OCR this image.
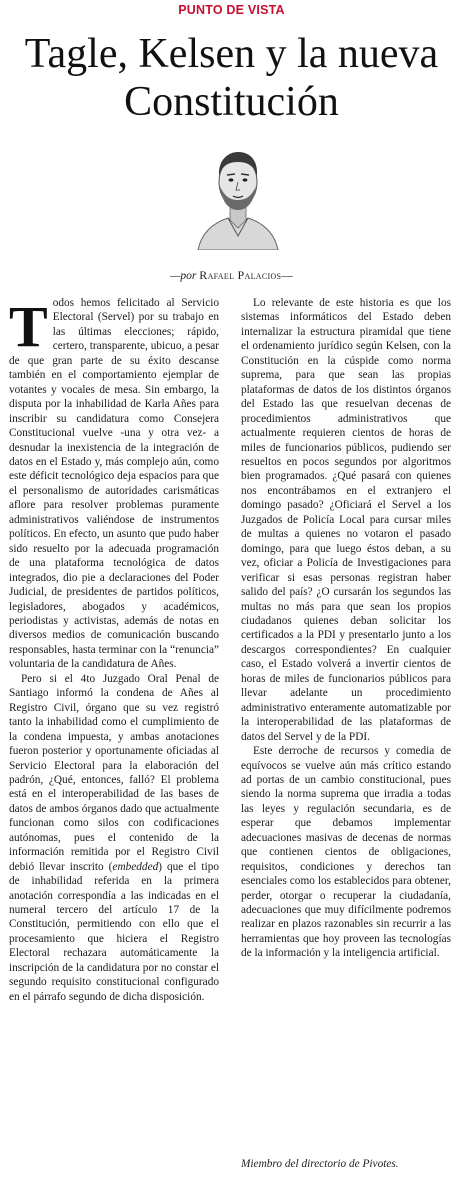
PUNTO DE VISTA
Tagle, Kelsen y la nueva Constitución
—por Rafael Palacios—

Todos hemos felicitado al Servicio Electoral (Servel) por su trabajo en las últimas elecciones; rápido, certero, transparente, ubicuo, a pesar de que gran parte de su éxito descanse también en el comportamiento ejemplar de votantes y vocales de mesa. Sin embargo, la disputa por la inhabilidad de Karla Añes para inscribir su candidatura como Consejera Constitucional vuelve -una y otra vez- a desnudar la inexistencia de la integración de datos en el Estado y, más complejo aún, como este déficit tecnológico deja espacios para que el personalismo de autoridades carismáticas aflore para resolver problemas puramente administrativos valiéndose de instrumentos políticos. En efecto, un asunto que pudo haber sido resuelto por la adecuada programación de una plataforma tecnológica de datos integrados, dio pie a declaraciones del Poder Judicial, de presidentes de partidos políticos, legisladores, abogados y académicos, periodistas y activistas, además de notas en diversos medios de comunicación buscando responsables, hasta terminar con la “renuncia” voluntaria de la candidatura de Añes.

Pero si el 4to Juzgado Oral Penal de Santiago informó la condena de Añes al Registro Civil, órgano que su vez registró tanto la inhabilidad como el cumplimiento de la condena impuesta, y ambas anotaciones fueron posterior y oportunamente oficiadas al Servicio Electoral para la elaboración del padrón, ¿Qué, entonces, falló? El problema está en el interoperabilidad de las bases de datos de ambos órganos dado que actualmente funcionan como silos con codificaciones autónomas, pues el contenido de la información remitida por el Registro Civil debió llevar inscrito (embedded) que el tipo de inhabilidad referida en la primera anotación correspondía a las indicadas en el numeral tercero del artículo 17 de la Constitución, permitiendo con ello que el procesamiento que hiciera el Registro Electoral rechazara automáticamente la inscripción de la candidatura por no constar el segundo requisito constitucional configurado en el párrafo segundo de dicha disposición.

Lo relevante de este historia es que los sistemas informáticos del Estado deben internalizar la estructura piramidal que tiene el ordenamiento jurídico según Kelsen, con la Constitución en la cúspide como norma suprema, para que sean las propias plataformas de datos de los distintos órganos del Estado las que resuelvan decenas de procedimientos administrativos que actualmente requieren cientos de horas de miles de funcionarios públicos, pudiendo ser resueltos en pocos segundos por algoritmos bien programados. ¿Qué pasará con quienes nos encontrábamos en el extranjero el domingo pasado? ¿Oficiará el Servel a los Juzgados de Policía Local para cursar miles de multas a quienes no votaron el pasado domingo, para que luego éstos deban, a su vez, oficiar a Policía de Investigaciones para verificar si esas personas registran haber salido del país? ¿O cursarán los segundos las multas no más para que sean los propios ciudadanos quienes deban solicitar los certificados a la PDI y presentarlo junto a los descargos correspondientes? En cualquier caso, el Estado volverá a invertir cientos de horas de miles de funcionarios públicos para llevar adelante un procedimiento administrativo enteramente automatizable por la interoperabilidad de las plataformas de datos del Servel y de la PDI.

Este derroche de recursos y comedia de equívocos se vuelve aún más crítico estando ad portas de un cambio constitucional, pues siendo la norma suprema que irradia a todas las leyes y regulación secundaria, es de esperar que debamos implementar adecuaciones masivas de decenas de normas que contienen cientos de obligaciones, requisitos, condiciones y derechos tan esenciales como los establecidos para obtener, perder, otorgar o recuperar la ciudadanía, adecuaciones que muy difícilmente podremos realizar en plazos razonables sin recurrir a las herramientas que hoy proveen las tecnologías de la información y la inteligencia artificial.

Miembro del directorio de Pivotes.
